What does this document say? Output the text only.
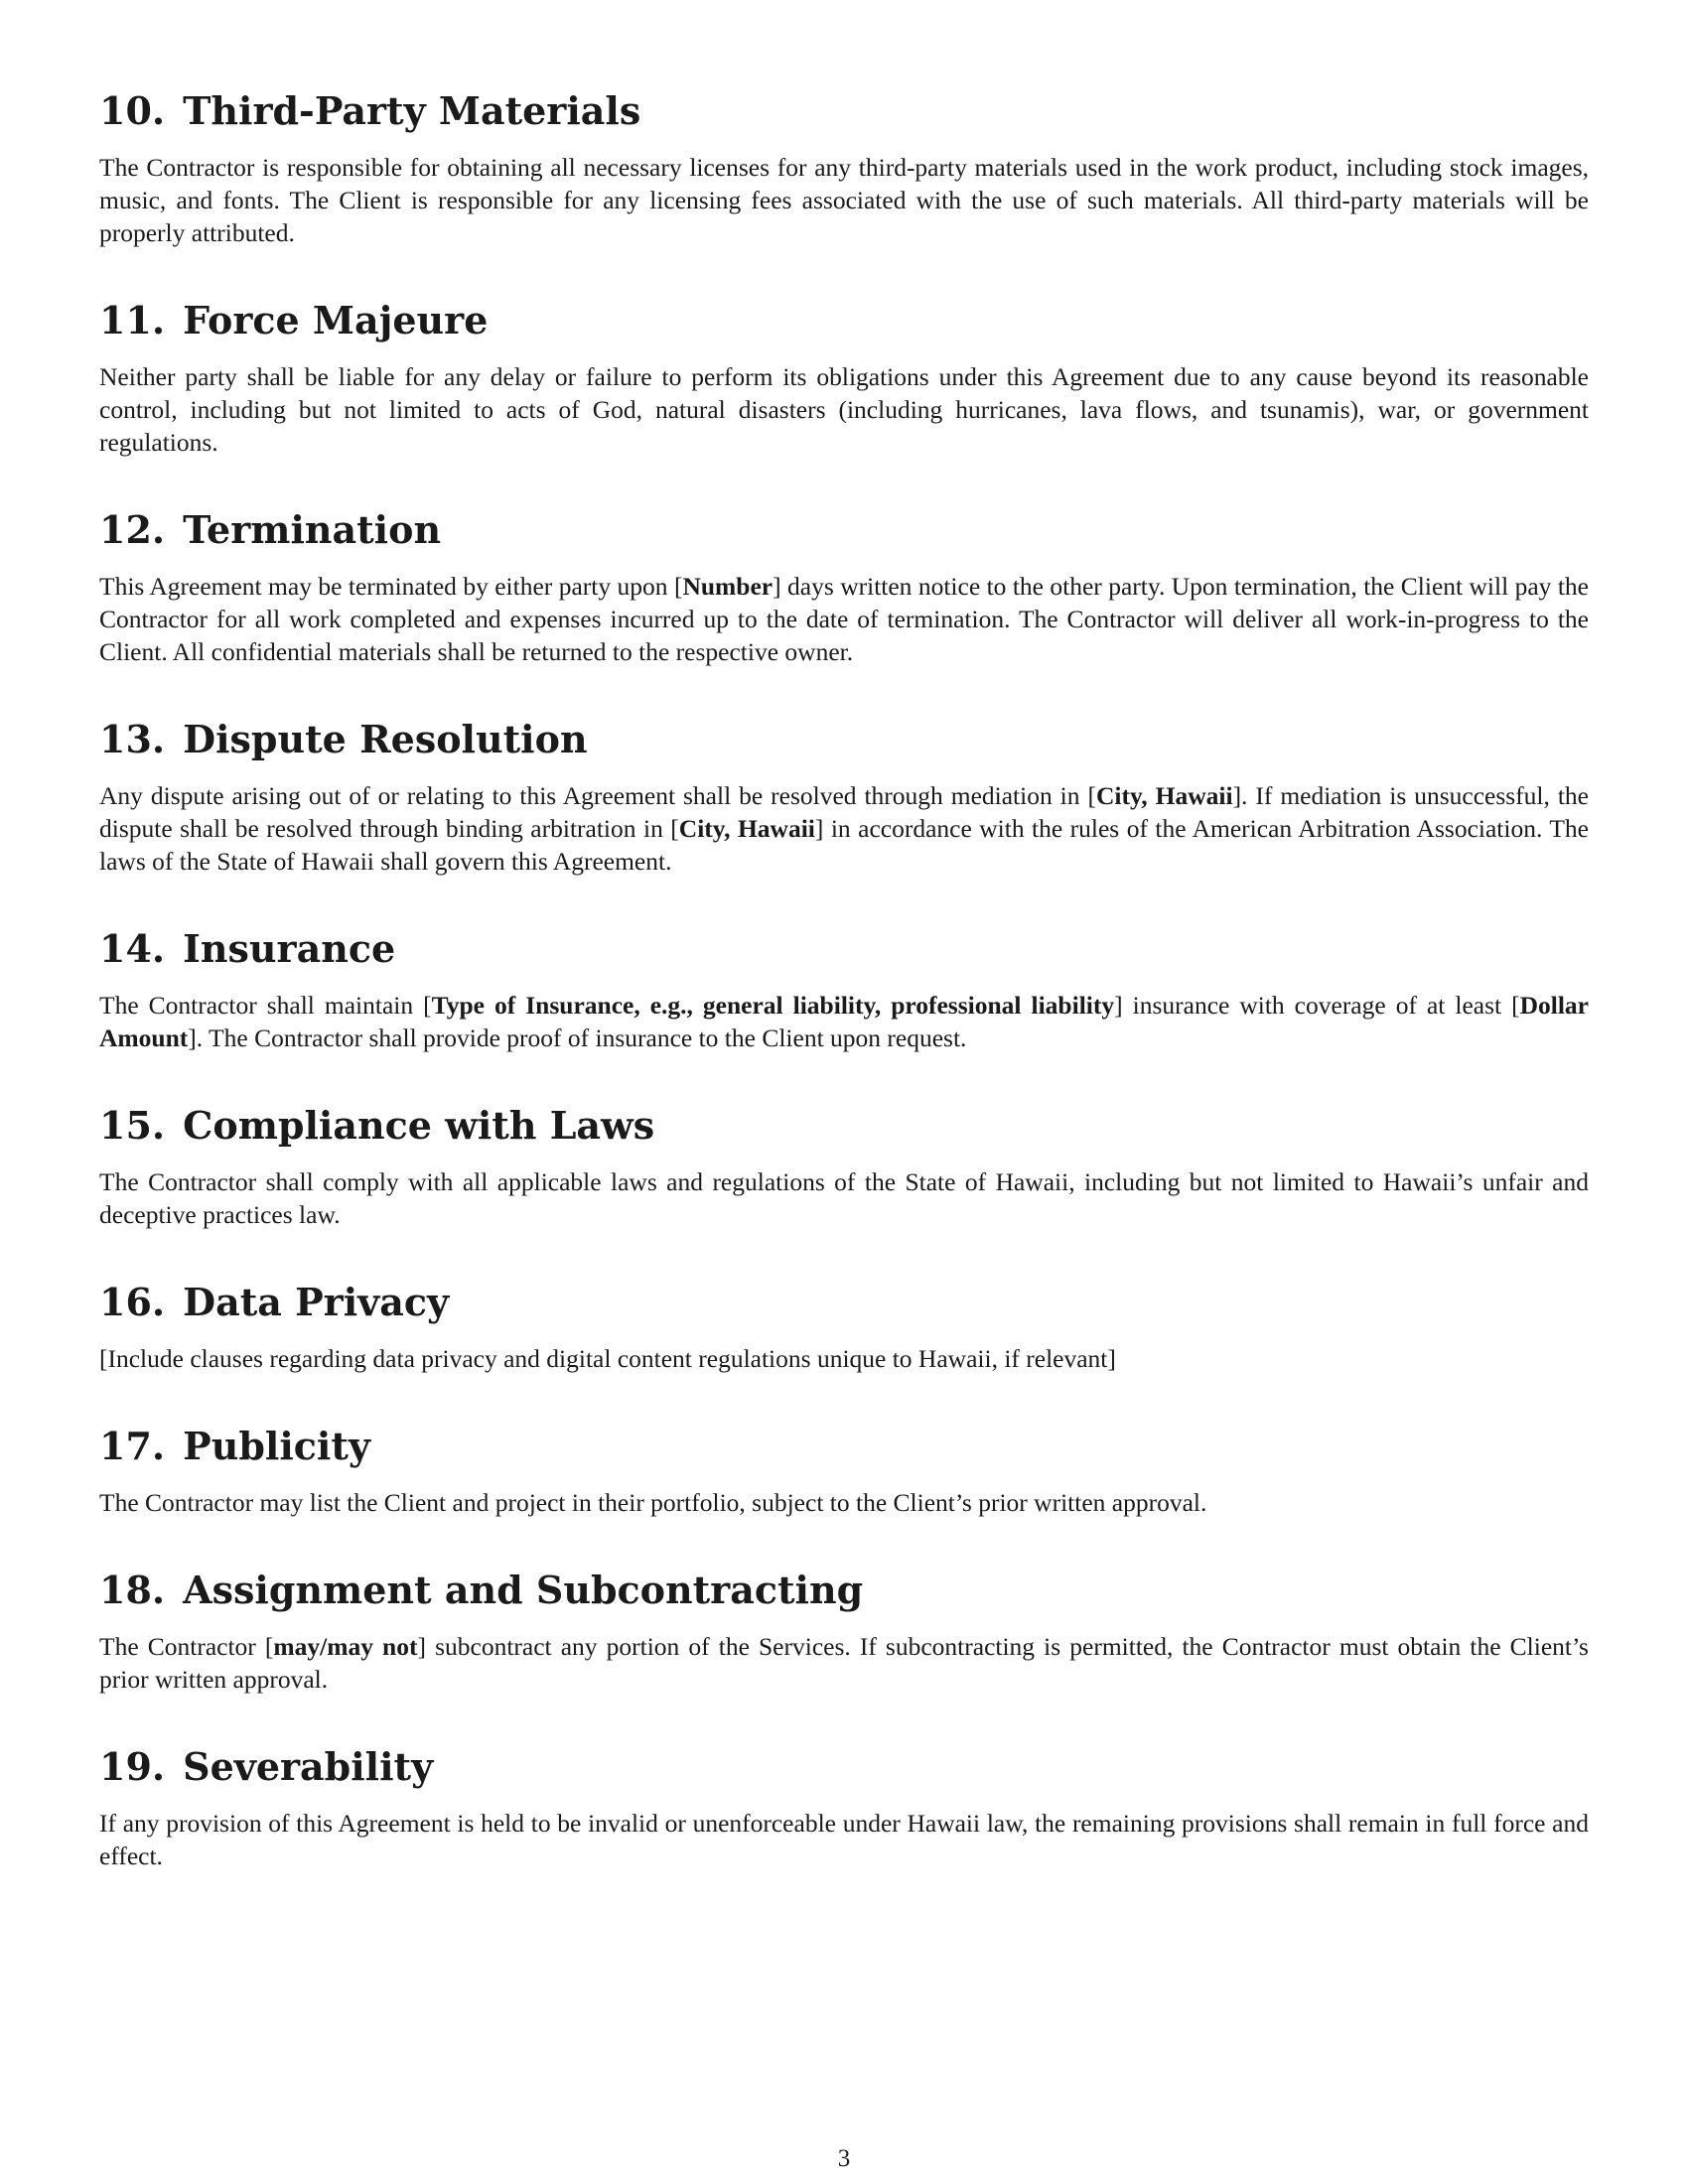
10. Third-Party Materials

The Contractor is responsible for obtaining all necessary licenses for any third-party materials used in the work product, including stock images, music, and fonts. The Client is responsible for any licensing fees associated with the use of such materials. All third-party materials will be properly attributed.

11. Force Majeure

Neither party shall be liable for any delay or failure to perform its obligations under this Agreement due to any cause beyond its reasonable control, including but not limited to acts of God, natural disasters (including hurricanes, lava flows, and tsunamis), war, or government regulations.

12. Termination

This Agreement may be terminated by either party upon [Number] days written notice to the other party. Upon termination, the Client will pay the Contractor for all work completed and expenses incurred up to the date of termination. The Contractor will deliver all work-in-progress to the Client. All confidential materials shall be returned to the respective owner.

13. Dispute Resolution

Any dispute arising out of or relating to this Agreement shall be resolved through mediation in [City, Hawaii]. If mediation is unsuccessful, the dispute shall be resolved through binding arbitration in [City, Hawaii] in accordance with the rules of the American Arbitration Association. The laws of the State of Hawaii shall govern this Agreement.

14. Insurance

The Contractor shall maintain [Type of Insurance, e.g., general liability, professional liability] insurance with coverage of at least [Dollar Amount]. The Contractor shall provide proof of insurance to the Client upon request.

15. Compliance with Laws

The Contractor shall comply with all applicable laws and regulations of the State of Hawaii, including but not limited to Hawaii’s unfair and deceptive practices law.

16. Data Privacy

[Include clauses regarding data privacy and digital content regulations unique to Hawaii, if relevant]

17. Publicity

The Contractor may list the Client and project in their portfolio, subject to the Client’s prior written approval.

18. Assignment and Subcontracting

The Contractor [may/may not] subcontract any portion of the Services. If subcontracting is permitted, the Contractor must obtain the Client’s prior written approval.

19. Severability

If any provision of this Agreement is held to be invalid or unenforceable under Hawaii law, the remaining provisions shall remain in full force and effect.

3
